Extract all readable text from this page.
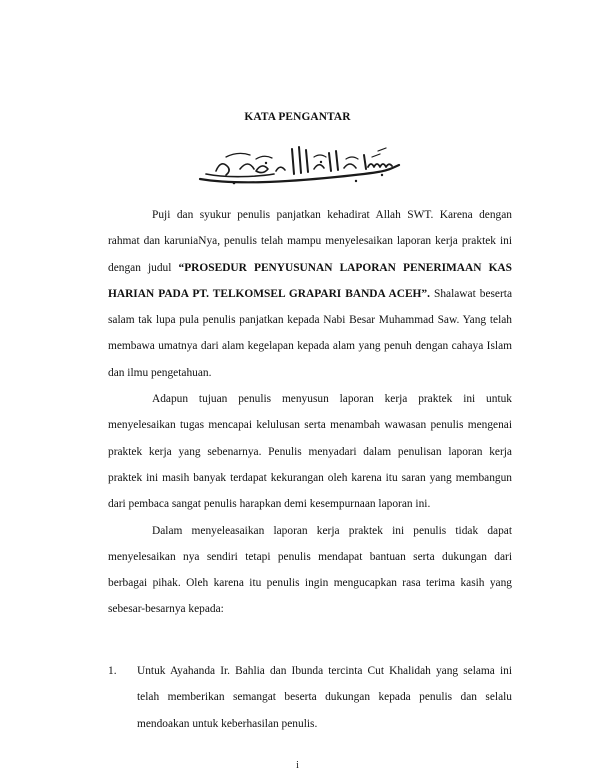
KATA PENGANTAR

Puji dan syukur penulis panjatkan kehadirat Allah SWT. Karena dengan rahmat dan karuniaNya, penulis telah mampu menyelesaikan laporan kerja praktek ini dengan judul “PROSEDUR PENYUSUNAN LAPORAN PENERIMAAN KAS HARIAN PADA PT. TELKOMSEL GRAPARI BANDA ACEH”. Shalawat beserta salam tak lupa pula penulis panjatkan kepada Nabi Besar Muhammad Saw. Yang telah membawa umatnya dari alam kegelapan kepada alam yang penuh dengan cahaya Islam dan ilmu pengetahuan.

Adapun tujuan penulis menyusun laporan kerja praktek ini untuk menyelesaikan tugas mencapai kelulusan serta menambah wawasan penulis mengenai praktek kerja yang sebenarnya. Penulis menyadari dalam penulisan laporan kerja praktek ini masih banyak terdapat kekurangan oleh karena itu saran yang membangun dari pembaca sangat penulis harapkan demi kesempurnaan laporan ini.

Dalam menyeleasaikan laporan kerja praktek ini penulis tidak dapat menyelesaikan nya sendiri tetapi penulis mendapat bantuan serta dukungan dari berbagai pihak. Oleh karena itu penulis ingin mengucapkan rasa terima kasih yang sebesar-besarnya kepada:

1. Untuk Ayahanda Ir. Bahlia dan Ibunda tercinta Cut Khalidah yang selama ini telah memberikan semangat beserta dukungan kepada penulis dan selalu mendoakan untuk keberhasilan penulis.
i
